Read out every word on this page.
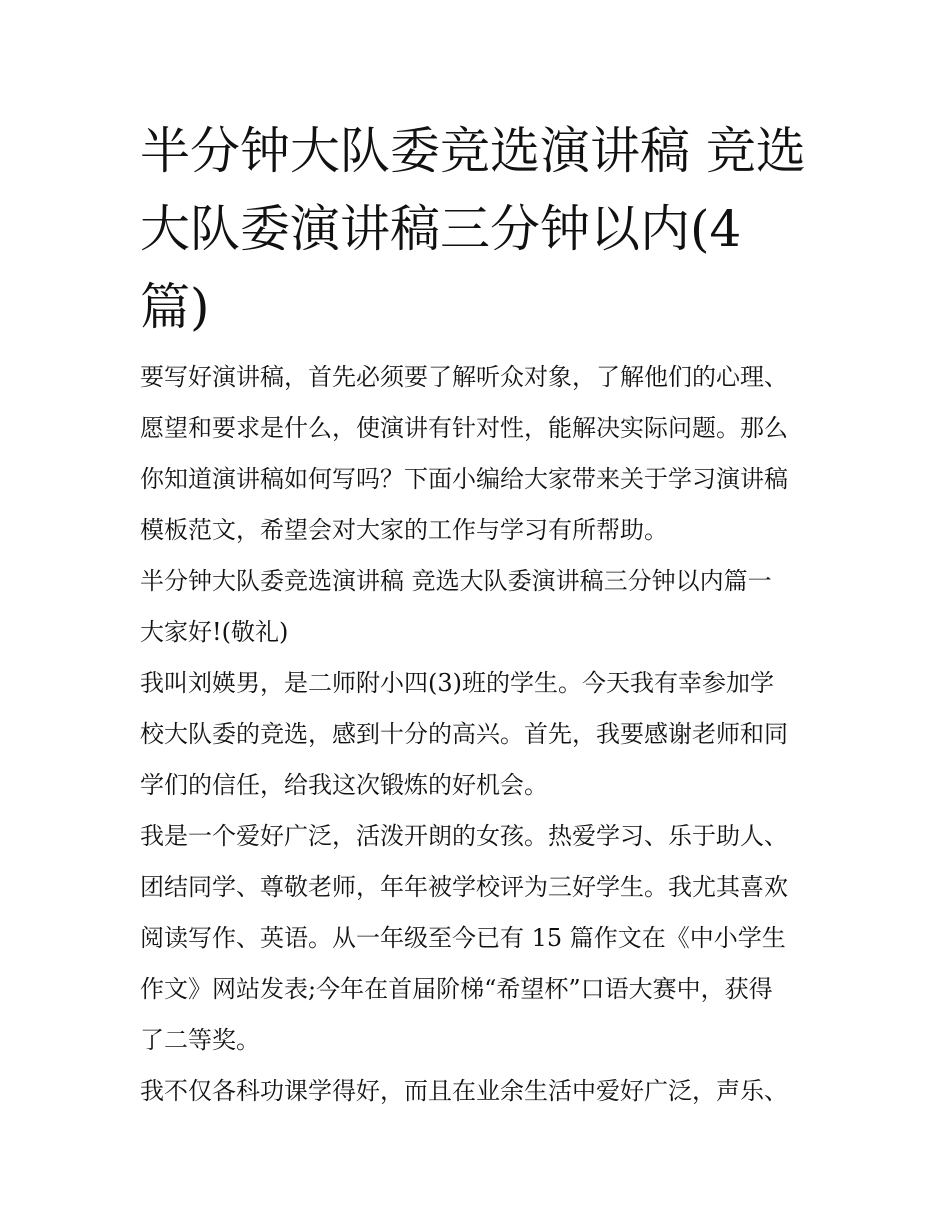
半分钟大队委竞选演讲稿 竞选
大队委演讲稿三分钟以内(4
篇)
要写好演讲稿，首先必须要了解听众对象，了解他们的心理、
愿望和要求是什么，使演讲有针对性，能解决实际问题。那么
你知道演讲稿如何写吗？下面小编给大家带来关于学习演讲稿
模板范文，希望会对大家的工作与学习有所帮助。
半分钟大队委竞选演讲稿 竞选大队委演讲稿三分钟以内篇一
大家好!(敬礼)
我叫刘媖男，是二师附小四(3)班的学生。今天我有幸参加学
校大队委的竞选，感到十分的高兴。首先，我要感谢老师和同
学们的信任，给我这次锻炼的好机会。
我是一个爱好广泛，活泼开朗的女孩。热爱学习、乐于助人、
团结同学、尊敬老师，年年被学校评为三好学生。我尤其喜欢
阅读写作、英语。从一年级至今已有 15 篇作文在《中小学生
作文》网站发表;今年在首届阶梯“希望杯”口语大赛中，获得
了二等奖。
我不仅各科功课学得好，而且在业余生活中爱好广泛，声乐、
